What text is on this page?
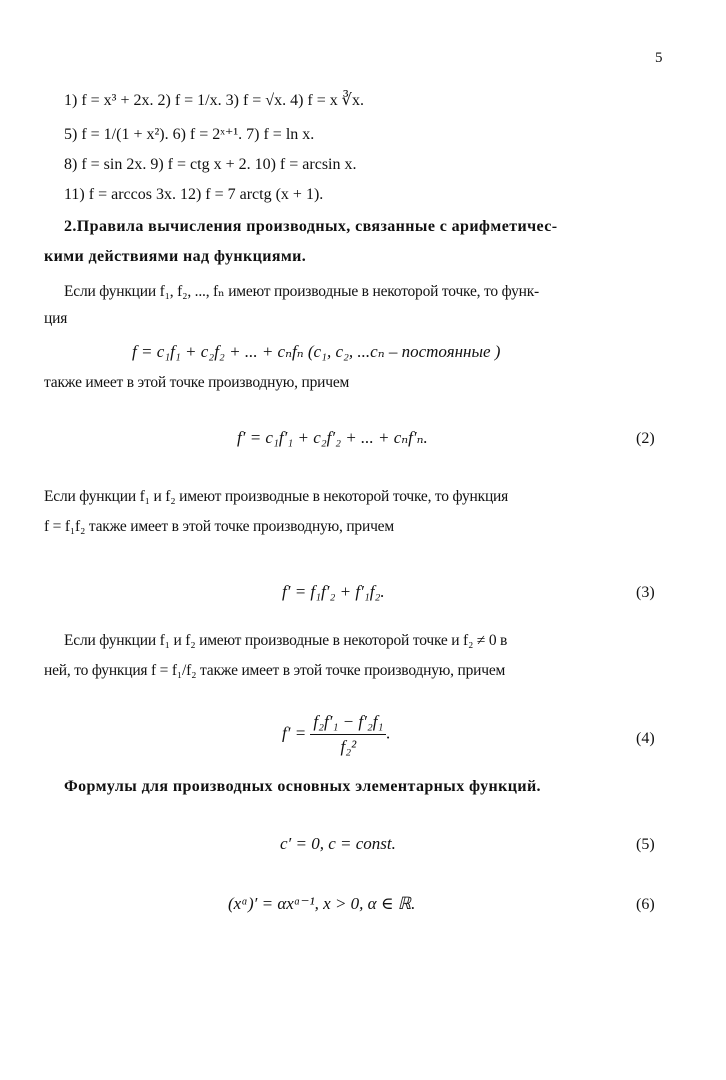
5
1) f = x³ + 2x. 2) f = 1/x. 3) f = √x. 4) f = x ∛x.
5) f = 1/(1 + x²). 6) f = 2ˣ⁺¹. 7) f = ln x.
8) f = sin 2x. 9) f = ctg x + 2. 10) f = arcsin x.
11) f = arccos 3x. 12) f = 7 arctg (x + 1).
2.Правила вычисления производных, связанные с арифметичес-
кими действиями над функциями.
Если функции f₁, f₂, ..., fₙ имеют производные в некоторой точке, то функ-
ция
f = c₁f₁ + c₂f₂ + ... + cₙfₙ (c₁, c₂, ...cₙ – постоянные )
также имеет в этой точке производную, причем
f′ = c₁f′₁ + c₂f′₂ + ... + cₙf′ₙ.	(2)
Если функции f₁ и f₂ имеют производные в некоторой точке, то функция
f = f₁f₂ также имеет в этой точке производную, причем
f′ = f₁f′₂ + f′₁f₂.	(3)
Если функции f₁ и f₂ имеют производные в некоторой точке и f₂ ≠ 0 в
ней, то функция f = f₁/f₂ также имеет в этой точке производную, причем
$f' = \frac{\text{f₂f′₁ − f′₂f₁}}{\text{f₂²}}$ .	(4)
Формулы для производных основных элементарных функций.
c′ = 0, c = const.	(5)
(xᵅ)′ = αxᵅ⁻¹, x > 0, α ∈ ℝ.	(6)
